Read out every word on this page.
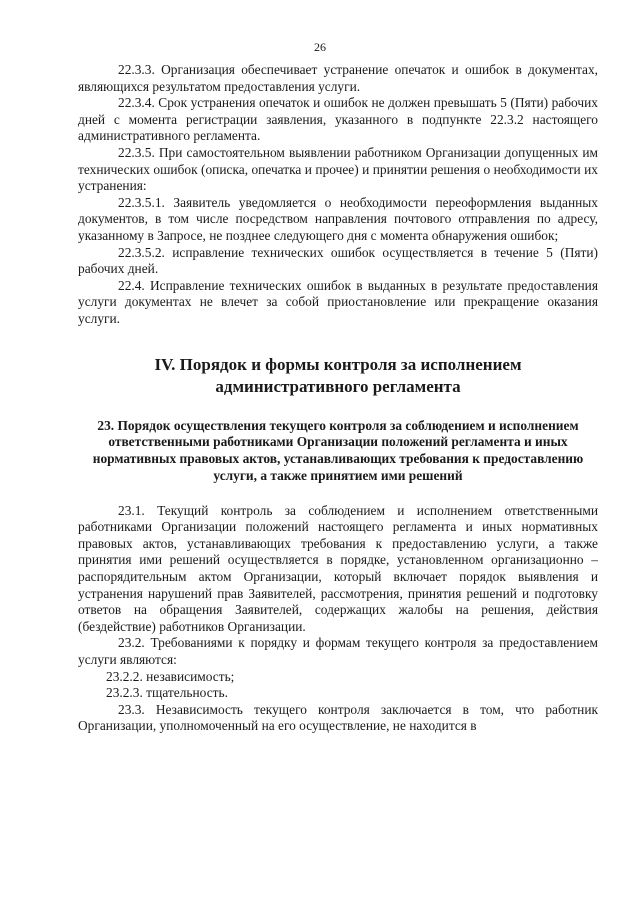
26

22.3.3. Организация обеспечивает устранение опечаток и ошибок в документах, являющихся результатом предоставления услуги.

22.3.4. Срок устранения опечаток и ошибок не должен превышать 5 (Пяти) рабочих дней с момента регистрации заявления, указанного в подпункте 22.3.2 настоящего административного регламента.

22.3.5. При самостоятельном выявлении работником Организации допущенных им технических ошибок (описка, опечатка и прочее) и принятии решения о необходимости их устранения:

22.3.5.1. Заявитель уведомляется о необходимости переоформления выданных документов, в том числе посредством направления почтового отправления по адресу, указанному в Запросе, не позднее следующего дня с момента обнаружения ошибок;

22.3.5.2. исправление технических ошибок осуществляется в течение 5 (Пяти) рабочих дней.

22.4. Исправление технических ошибок в выданных в результате предоставления услуги документах не влечет за собой приостановление или прекращение оказания услуги.

IV. Порядок и формы контроля за исполнением административного регламента
23. Порядок осуществления текущего контроля за соблюдением и исполнением ответственными работниками Организации положений регламента и иных нормативных правовых актов, устанавливающих требования к предоставлению услуги, а также принятием ими решений

23.1. Текущий контроль за соблюдением и исполнением ответственными работниками Организации положений настоящего регламента и иных нормативных правовых актов, устанавливающих требования к предоставлению услуги, а также принятия ими решений осуществляется в порядке, установленном организационно – распорядительным актом Организации, который включает порядок выявления и устранения нарушений прав Заявителей, рассмотрения, принятия решений и подготовку ответов на обращения Заявителей, содержащих жалобы на решения, действия (бездействие) работников Организации.

23.2. Требованиями к порядку и формам текущего контроля за предоставлением услуги являются:

23.2.2. независимость;

23.2.3. тщательность.

23.3. Независимость текущего контроля заключается в том, что работник Организации, уполномоченный на его осуществление, не находится в
